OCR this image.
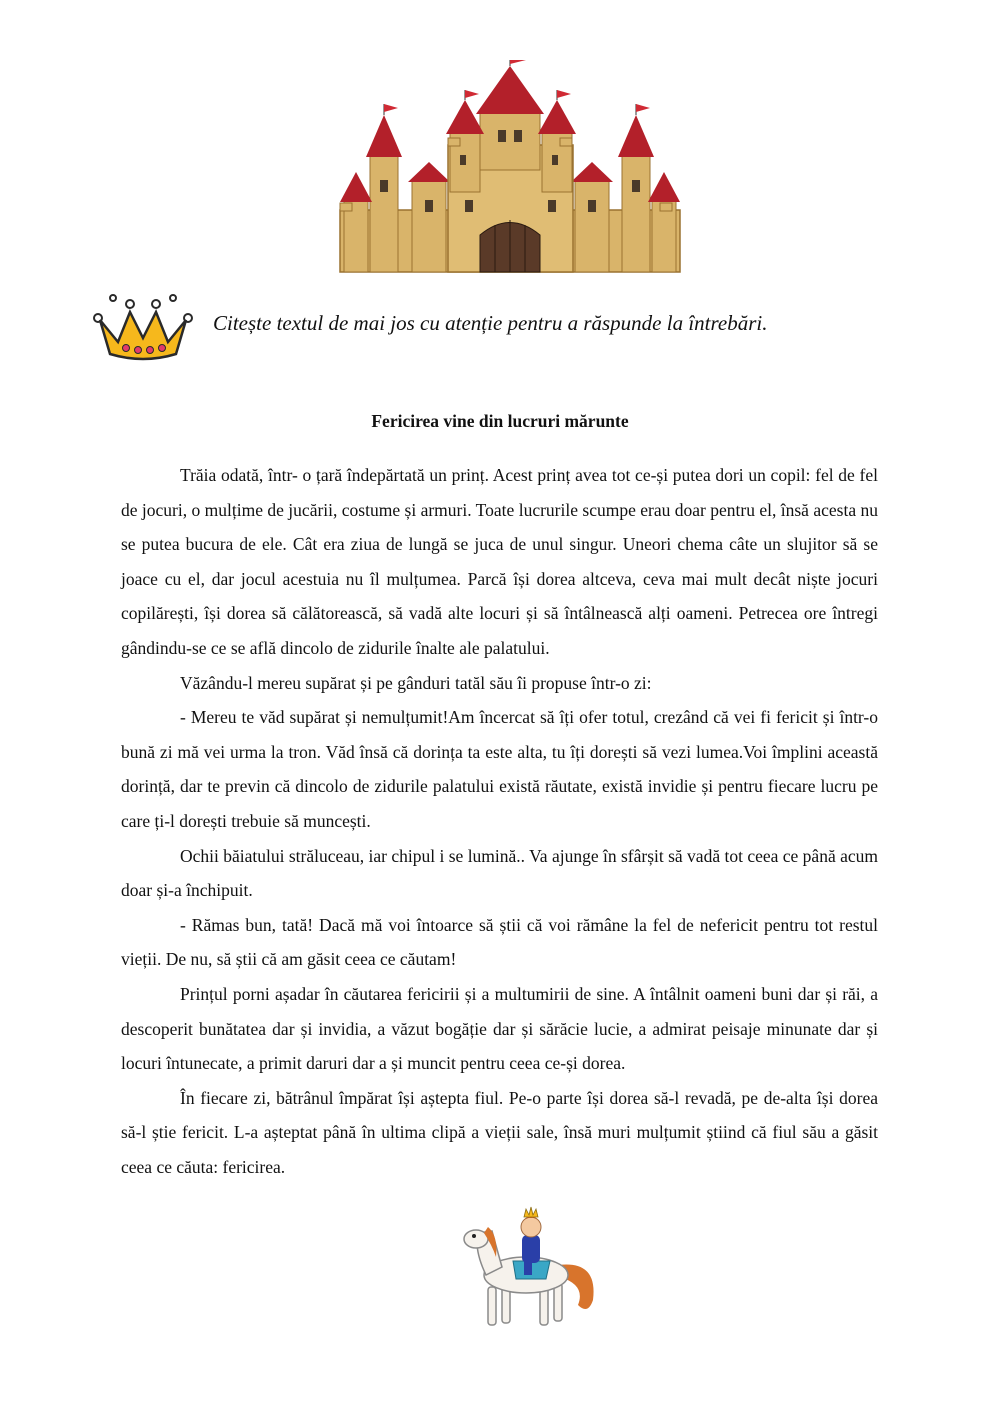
Citește textul de mai jos cu atenție pentru a răspunde la întrebări.
Fericirea vine din lucruri mărunte

Trăia odată, într- o țară îndepărtată un prinț. Acest prinț avea tot ce-și putea dori un copil: fel de fel de jocuri, o mulțime de jucării, costume și armuri. Toate lucrurile scumpe erau doar pentru el, însă acesta nu se putea bucura de ele. Cât era ziua de lungă se juca de unul singur. Uneori chema câte un slujitor să se joace cu el, dar jocul acestuia nu îl mulțumea. Parcă își dorea altceva, ceva mai mult decât niște jocuri copilărești, își dorea să călătorească, să vadă alte locuri și să întâlnească alți oameni. Petrecea ore întregi gândindu-se ce se află dincolo de zidurile înalte ale palatului.

Văzându-l mereu supărat și pe gânduri tatăl său îi propuse într-o zi:

- Mereu te văd supărat și nemulțumit!Am încercat să îți ofer totul, crezând că vei fi fericit și într-o bună zi mă vei urma la tron. Văd însă că dorința ta este alta, tu îți dorești să vezi lumea.Voi împlini această dorință, dar te previn că dincolo de zidurile palatului există răutate, există invidie și pentru fiecare lucru pe care ți-l dorești trebuie să muncești.

Ochii băiatului străluceau, iar chipul i se lumină.. Va ajunge în sfârșit să vadă tot ceea ce până acum doar și-a închipuit.

- Rămas bun, tată! Dacă mă voi întoarce să știi că voi rămâne la fel de nefericit pentru tot restul vieții. De nu, să știi că am găsit ceea ce căutam!

Prințul porni așadar în căutarea fericirii și a multumirii de sine. A întâlnit oameni buni dar și răi, a descoperit bunătatea dar și invidia, a văzut bogăție dar și sărăcie lucie, a admirat peisaje minunate dar și locuri întunecate, a primit daruri dar a și muncit pentru ceea ce-și dorea.

În fiecare zi, bătrânul împărat își aștepta fiul. Pe-o parte își dorea să-l revadă, pe de-alta își dorea să-l știe fericit. L-a așteptat până în ultima clipă a vieții sale, însă muri mulțumit știind că fiul său a găsit ceea ce căuta: fericirea.
